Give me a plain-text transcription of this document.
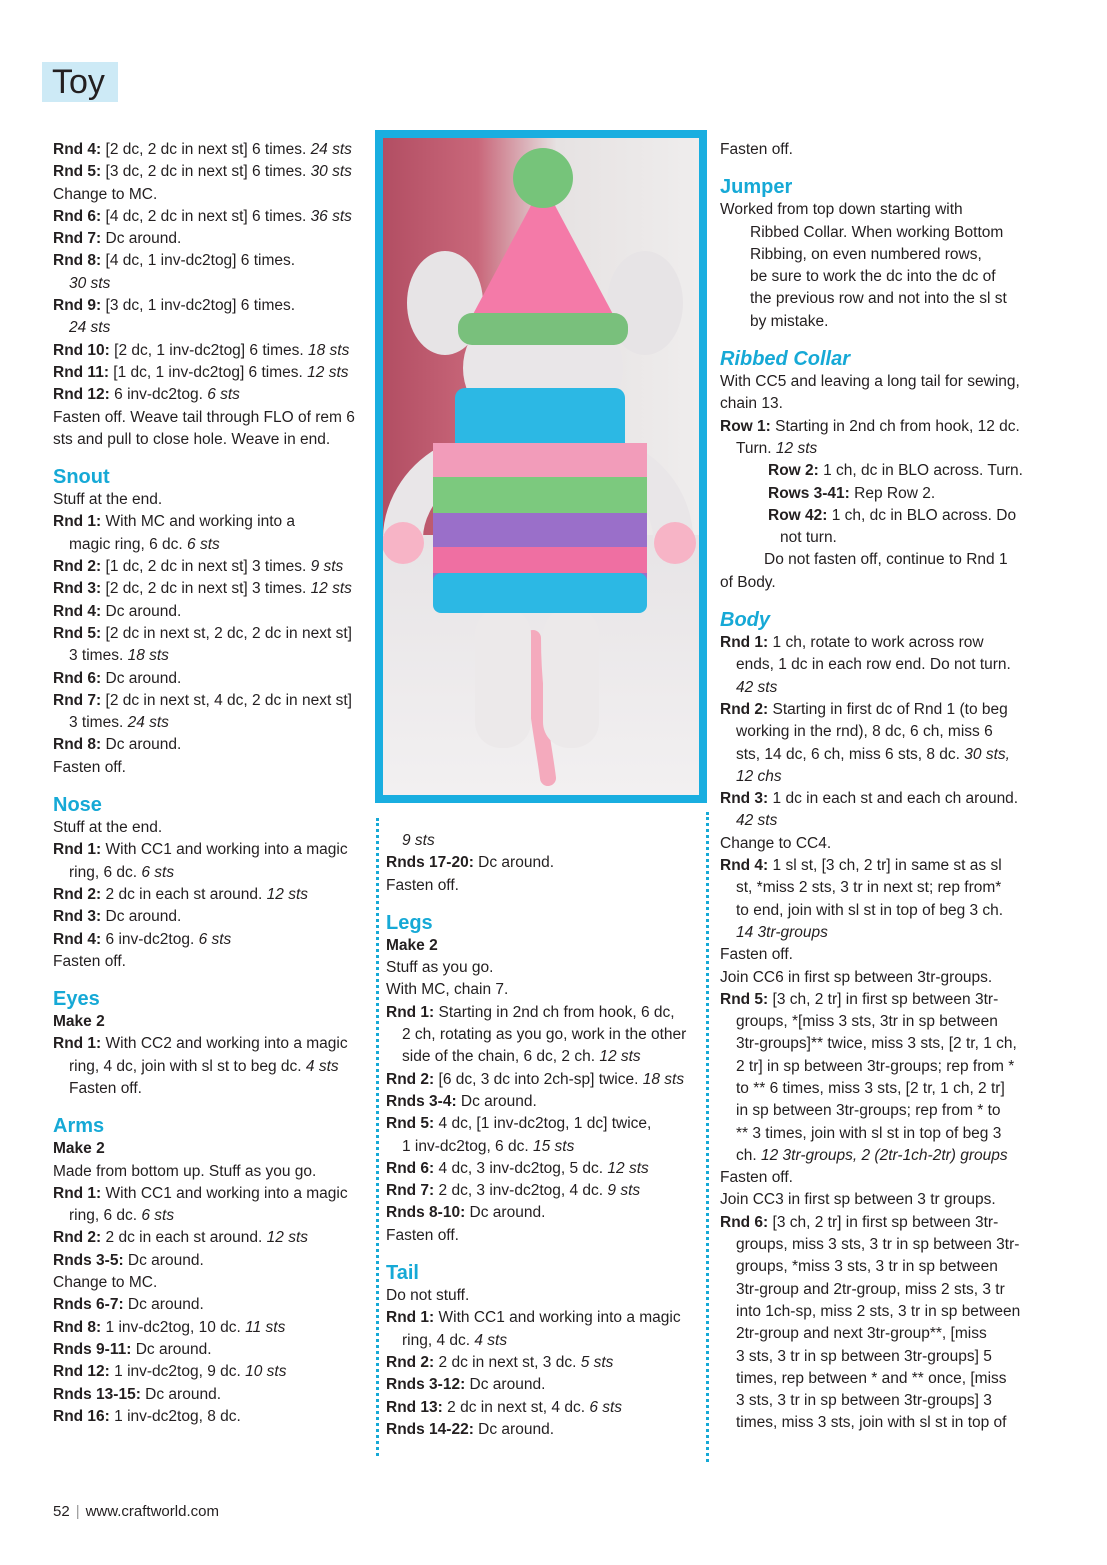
Toy
Rnd 4: [2 dc, 2 dc in next st] 6 times. 24 sts
Rnd 5: [3 dc, 2 dc in next st] 6 times. 30 sts
Change to MC.
Rnd 6: [4 dc, 2 dc in next st] 6 times. 36 sts
Rnd 7: Dc around.
Rnd 8: [4 dc, 1 inv-dc2tog] 6 times.
30 sts
Rnd 9: [3 dc, 1 inv-dc2tog] 6 times.
24 sts
Rnd 10: [2 dc, 1 inv-dc2tog] 6 times. 18 sts
Rnd 11: [1 dc, 1 inv-dc2tog] 6 times. 12 sts
Rnd 12: 6 inv-dc2tog. 6 sts
Fasten off. Weave tail through FLO of rem 6
sts and pull to close hole. Weave in end.
Snout
Stuff at the end.
Rnd 1: With MC and working into a
magic ring, 6 dc. 6 sts
Rnd 2: [1 dc, 2 dc in next st] 3 times. 9 sts
Rnd 3: [2 dc, 2 dc in next st] 3 times. 12 sts
Rnd 4: Dc around.
Rnd 5: [2 dc in next st, 2 dc, 2 dc in next st]
3 times. 18 sts
Rnd 6: Dc around.
Rnd 7: [2 dc in next st, 4 dc, 2 dc in next st]
3 times. 24 sts
Rnd 8: Dc around.
Fasten off.
Nose
Stuff at the end.
Rnd 1: With CC1 and working into a magic
ring, 6 dc. 6 sts
Rnd 2: 2 dc in each st around. 12 sts
Rnd 3: Dc around.
Rnd 4: 6 inv-dc2tog. 6 sts
Fasten off.
Eyes
Make 2
Rnd 1: With CC2 and working into a magic
ring, 4 dc, join with sl st to beg dc. 4 sts
Fasten off.
Arms
Make 2
Made from bottom up. Stuff as you go.
Rnd 1: With CC1 and working into a magic
ring, 6 dc. 6 sts
Rnd 2: 2 dc in each st around. 12 sts
Rnds 3-5: Dc around.
Change to MC.
Rnds 6-7: Dc around.
Rnd 8: 1 inv-dc2tog, 10 dc. 11 sts
Rnds 9-11: Dc around.
Rnd 12: 1 inv-dc2tog, 9 dc. 10 sts
Rnds 13-15: Dc around.
Rnd 16: 1 inv-dc2tog, 8 dc.
9 sts
Rnds 17-20: Dc around.
Fasten off.
Legs
Make 2
Stuff as you go.
With MC, chain 7.
Rnd 1: Starting in 2nd ch from hook, 6 dc,
2 ch, rotating as you go, work in the other
side of the chain, 6 dc, 2 ch. 12 sts
Rnd 2: [6 dc, 3 dc into 2ch-sp] twice. 18 sts
Rnds 3-4: Dc around.
Rnd 5: 4 dc, [1 inv-dc2tog, 1 dc] twice,
1 inv-dc2tog, 6 dc. 15 sts
Rnd 6: 4 dc, 3 inv-dc2tog, 5 dc. 12 sts
Rnd 7: 2 dc, 3 inv-dc2tog, 4 dc. 9 sts
Rnds 8-10: Dc around.
Fasten off.
Tail
Do not stuff.
Rnd 1: With CC1 and working into a magic
ring, 4 dc. 4 sts
Rnd 2: 2 dc in next st, 3 dc. 5 sts
Rnds 3-12: Dc around.
Rnd 13: 2 dc in next st, 4 dc. 6 sts
Rnds 14-22: Dc around.
Fasten off.
Jumper
Worked from top down starting with
Ribbed Collar. When working Bottom
Ribbing, on even numbered rows,
be sure to work the dc into the dc of
the previous row and not into the sl st
by mistake.
Ribbed Collar
With CC5 and leaving a long tail for sewing,
chain 13.
Row 1: Starting in 2nd ch from hook, 12 dc.
Turn. 12 sts
Row 2: 1 ch, dc in BLO across. Turn.
Rows 3-41: Rep Row 2.
Row 42: 1 ch, dc in BLO across. Do
not turn.
Do not fasten off, continue to Rnd 1
of Body.
Body
Rnd 1: 1 ch, rotate to work across row
ends, 1 dc in each row end. Do not turn.
42 sts
Rnd 2: Starting in first dc of Rnd 1 (to beg
working in the rnd), 8 dc, 6 ch, miss 6
sts, 14 dc, 6 ch, miss 6 sts, 8 dc. 30 sts,
12 chs
Rnd 3: 1 dc in each st and each ch around.
42 sts
Change to CC4.
Rnd 4: 1 sl st, [3 ch, 2 tr] in same st as sl
st, *miss 2 sts, 3 tr in next st; rep from*
to end, join with sl st in top of beg 3 ch.
14 3tr-groups
Fasten off.
Join CC6 in first sp between 3tr-groups.
Rnd 5: [3 ch, 2 tr] in first sp between 3tr-
groups, *[miss 3 sts, 3tr in sp between
3tr-groups]** twice, miss 3 sts, [2 tr, 1 ch,
2 tr] in sp between 3tr-groups; rep from *
to ** 6 times, miss 3 sts, [2 tr, 1 ch, 2 tr]
in sp between 3tr-groups; rep from * to
** 3 times, join with sl st in top of beg 3
ch. 12 3tr-groups, 2 (2tr-1ch-2tr) groups
Fasten off.
Join CC3 in first sp between 3 tr groups.
Rnd 6: [3 ch, 2 tr] in first sp between 3tr-
groups, miss 3 sts, 3 tr in sp between 3tr-
groups, *miss 3 sts, 3 tr in sp between
3tr-group and 2tr-group, miss 2 sts, 3 tr
into 1ch-sp, miss 2 sts, 3 tr in sp between
2tr-group and next 3tr-group**, [miss
3 sts, 3 tr in sp between 3tr-groups] 5
times, rep between * and ** once, [miss
3 sts, 3 tr in sp between 3tr-groups] 3
times, miss 3 sts, join with sl st in top of
52 | www.craftworld.com
